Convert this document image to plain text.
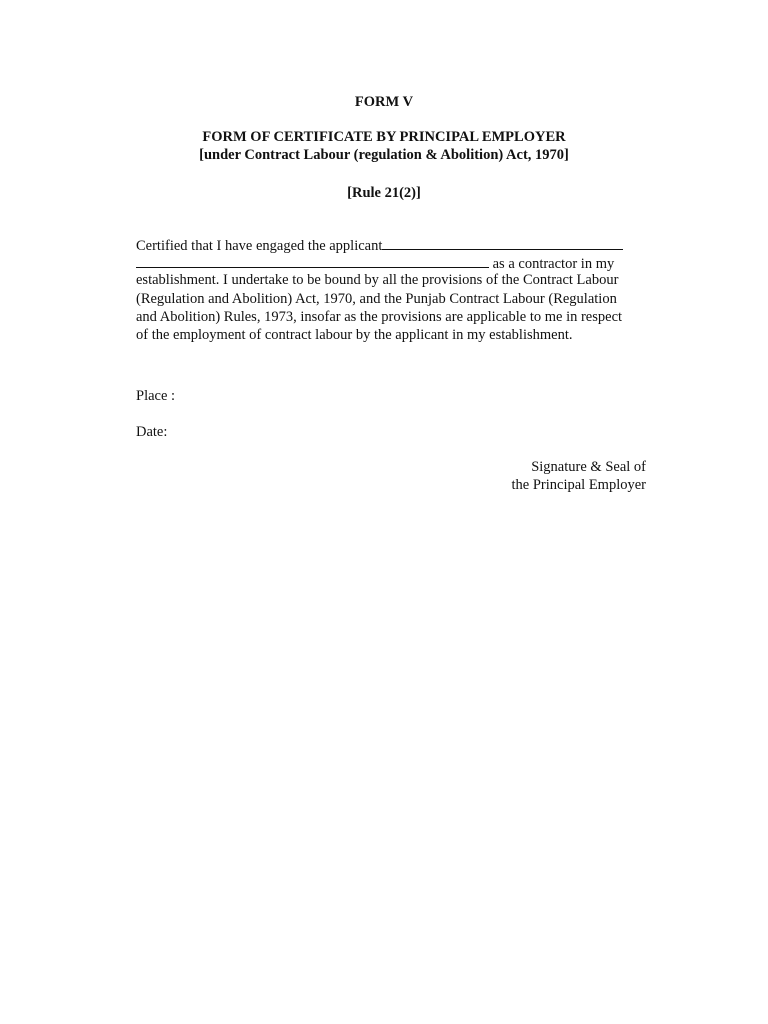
FORM V
FORM OF CERTIFICATE BY PRINCIPAL EMPLOYER
[under Contract Labour (regulation & Abolition) Act, 1970]
[Rule 21(2)]
Certified that I have engaged the applicant
as a contractor in my
establishment. I undertake to be bound by all the provisions of the Contract Labour
(Regulation and Abolition) Act, 1970, and the Punjab Contract Labour (Regulation
and Abolition) Rules, 1973, insofar as the provisions are applicable to me in respect
of the employment of contract labour by the applicant in my establishment.
Place :
Date:
Signature & Seal of
the Principal Employer
